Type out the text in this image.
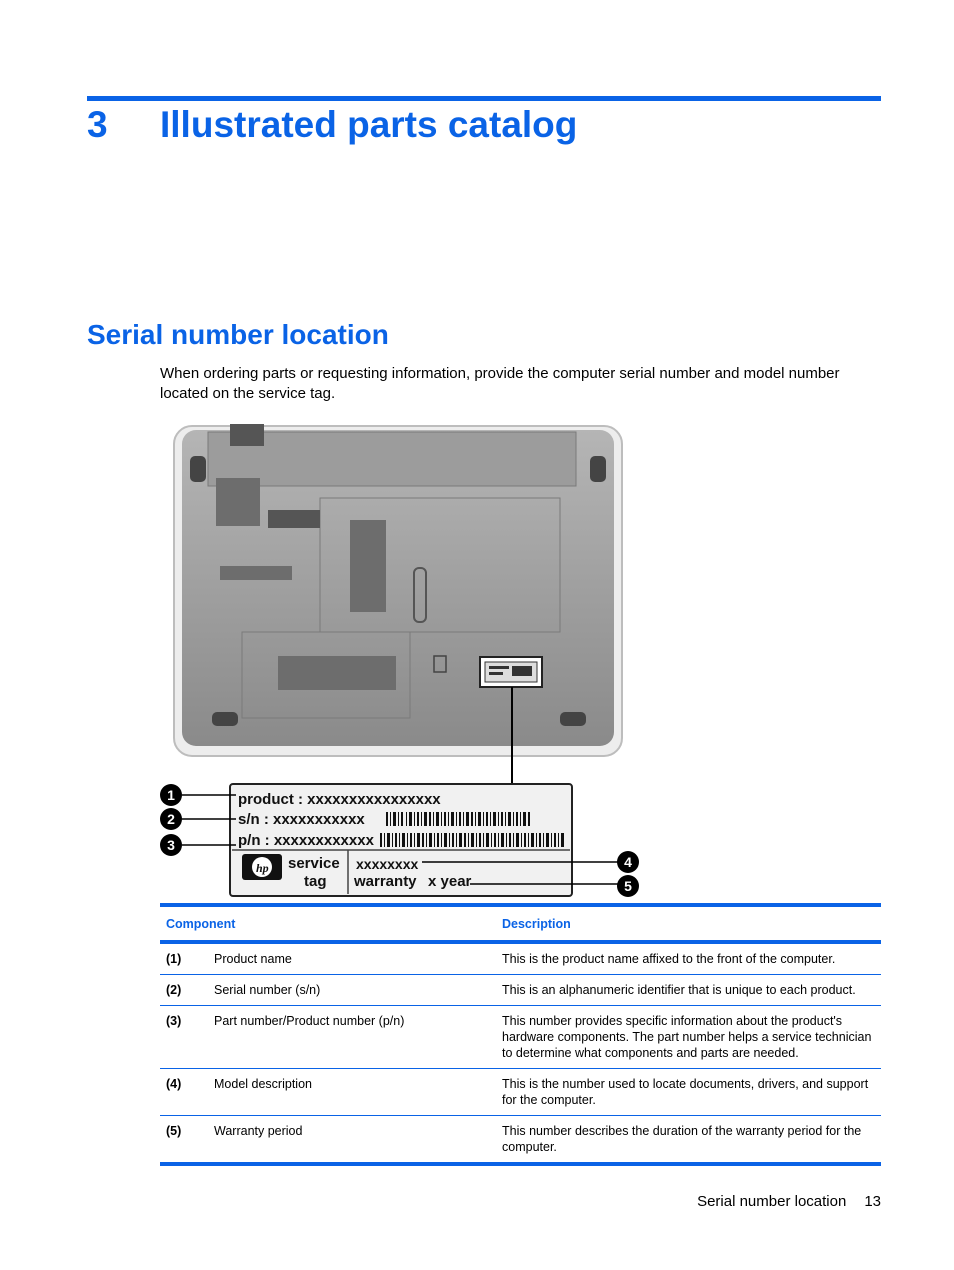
3 Illustrated parts catalog
Serial number location

When ordering parts or requesting information, provide the computer serial number and model number located on the service tag.

product : xxxxxxxxxxxxxxxx
s/n : xxxxxxxxxxx
p/n : xxxxxxxxxxxx
hp service
tag
xxxxxxxx
warranty x year
1
2
3
4
5
Component		Description
(1)	Product name	This is the product name affixed to the front of the computer.
(2)	Serial number (s/n)	This is an alphanumeric identifier that is unique to each product.
(3)	Part number/Product number (p/n)	This number provides specific information about the product's hardware components. The part number helps a service technician to determine what components and parts are needed.
(4)	Model description	This is the number used to locate documents, drivers, and support for the computer.
(5)	Warranty period	This number describes the duration of the warranty period for the computer.
Serial number location 13
